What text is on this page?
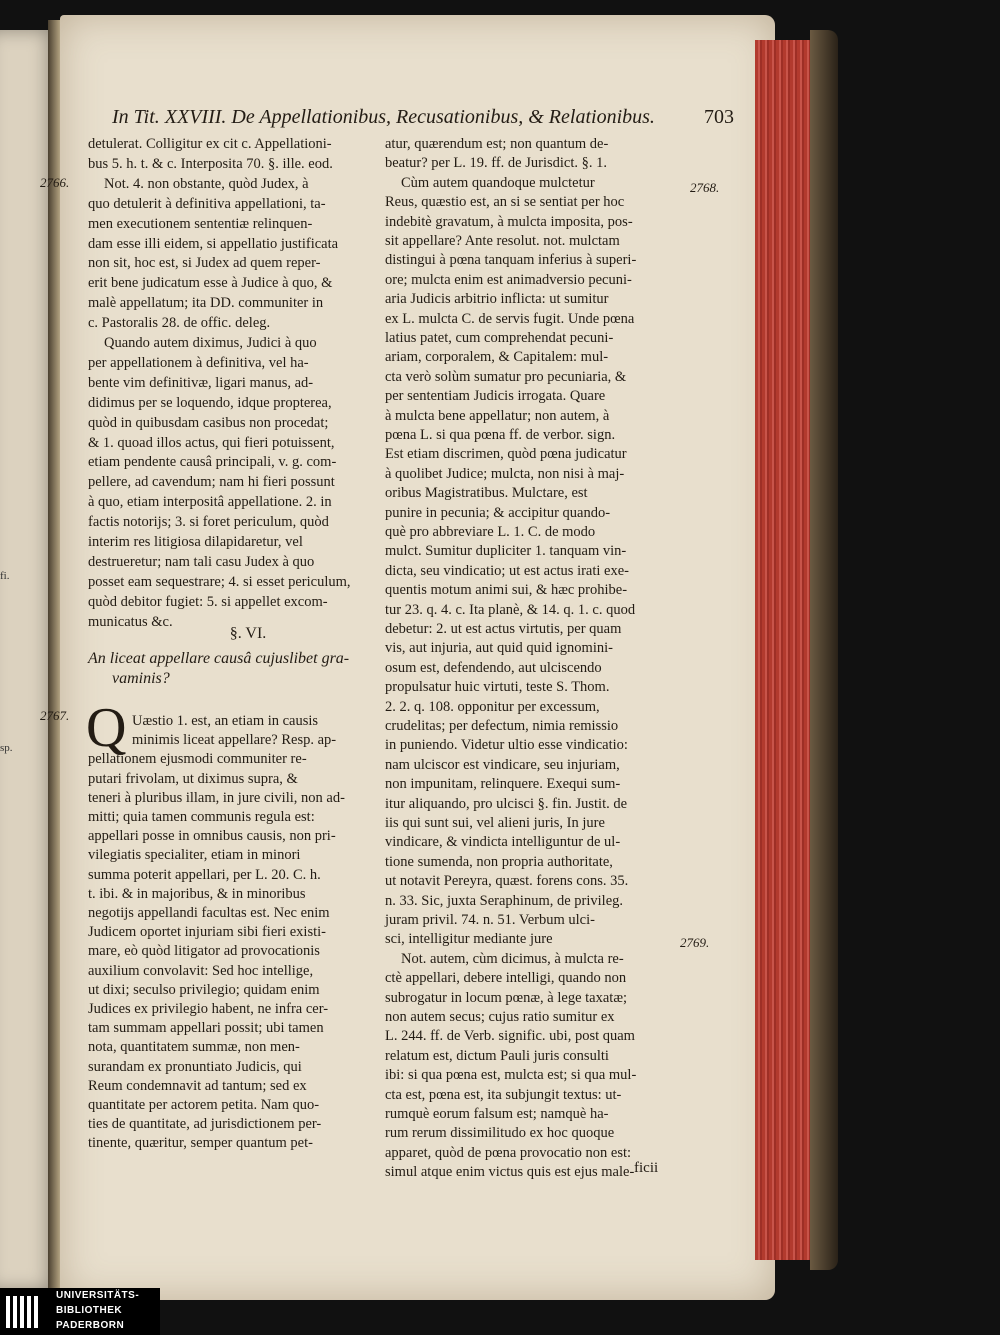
fi.
sp.
In Tit. XXVIII. De Appellationibus, Recusationibus, & Relationibus. 703
2766.
2767.
2768.
2769.
detulerat. Colligitur ex cit c. Appellationi-
bus 5. h. t. & c. Interposita 70. §. ille. eod.
Not. 4. non obstante, quòd Judex, à
quo detulerit à definitiva appellationi, ta-
men executionem sententiæ relinquen-
dam esse illi eidem, si appellatio justificata
non sit, hoc est, si Judex ad quem reper-
erit bene judicatum esse à Judice à quo, &
malè appellatum; ita DD. communiter in
c. Pastoralis 28. de offic. deleg.
Quando autem diximus, Judici à quo
per appellationem à definitiva, vel ha-
bente vim definitivæ, ligari manus, ad-
didimus per se loquendo, idque propterea,
quòd in quibusdam casibus non procedat;
& 1. quoad illos actus, qui fieri potuissent,
etiam pendente causâ principali, v. g. com-
pellere, ad cavendum; nam hi fieri possunt
à quo, etiam interpositâ appellatione. 2. in
factis notorijs; 3. si foret periculum, quòd
interim res litigiosa dilapidaretur, vel
destrueretur; nam tali casu Judex à quo
posset eam sequestrare; 4. si esset periculum,
quòd debitor fugiet: 5. si appellet excom-
municatus &c.
Uæstio 1. est, an etiam in causis
minimis liceat appellare? Resp. ap-
pellationem ejusmodi communiter re-
putari frivolam, ut diximus supra, &
teneri à pluribus illam, in jure civili, non ad-
mitti; quia tamen communis regula est:
appellari posse in omnibus causis, non pri-
vilegiatis specialiter, etiam in minori
summa poterit appellari, per L. 20. C. h.
t. ibi. & in majoribus, & in minoribus
negotijs appellandi facultas est. Nec enim
Judicem oportet injuriam sibi fieri existi-
mare, eò quòd litigator ad provocationis
auxilium convolavit: Sed hoc intellige,
ut dixi; seculso privilegio; quidam enim
Judices ex privilegio habent, ne infra cer-
tam summam appellari possit; ubi tamen
nota, quantitatem summæ, non men-
surandam ex pronuntiato Judicis, qui
Reum condemnavit ad tantum; sed ex
quantitate per actorem petita. Nam quo-
ties de quantitate, ad jurisdictionem per-
tinente, quæritur, semper quantum pet-
atur, quærendum est; non quantum de-
beatur? per L. 19. ff. de Jurisdict. §. 1.
Cùm autem quandoque mulctetur
Reus, quæstio est, an si se sentiat per hoc
indebitè gravatum, à mulcta imposita, pos-
sit appellare? Ante resolut. not. mulctam
distingui à pœna tanquam inferius à superi-
ore; mulcta enim est animadversio pecuni-
aria Judicis arbitrio inflicta: ut sumitur
ex L. mulcta C. de servis fugit. Unde pœna
latius patet, cum comprehendat pecuni-
ariam, corporalem, & Capitalem: mul-
cta verò solùm sumatur pro pecuniaria, &
per sententiam Judicis irrogata. Quare
à mulcta bene appellatur; non autem, à
pœna L. si qua pœna ff. de verbor. sign.
Est etiam discrimen, quòd pœna judicatur
à quolibet Judice; mulcta, non nisi à maj-
oribus Magistratibus. Mulctare, est
punire in pecunia; & accipitur quando-
què pro abbreviare L. 1. C. de modo
mulct. Sumitur dupliciter 1. tanquam vin-
dicta, seu vindicatio; ut est actus irati exe-
quentis motum animi sui, & hæc prohibe-
tur 23. q. 4. c. Ita planè, & 14. q. 1. c. quod
debetur: 2. ut est actus virtutis, per quam
vis, aut injuria, aut quid quid ignomini-
osum est, defendendo, aut ulciscendo
propulsatur huic virtuti, teste S. Thom.
2. 2. q. 108. opponitur per excessum,
crudelitas; per defectum, nimia remissio
in puniendo. Videtur ultio esse vindicatio:
nam ulciscor est vindicare, seu injuriam,
non impunitam, relinquere. Exequi sum-
itur aliquando, pro ulcisci §. fin. Justit. de
iis qui sunt sui, vel alieni juris, In jure
vindicare, & vindicta intelliguntur de ul-
tione sumenda, non propria authoritate,
ut notavit Pereyra, quæst. forens cons. 35.
n. 33. Sic, juxta Seraphinum, de privileg.
juram privil. 74. n. 51. Verbum ulci-
sci, intelligitur mediante jure
Not. autem, cùm dicimus, à mulcta re-
ctè appellari, debere intelligi, quando non
subrogatur in locum pœnæ, à lege taxatæ;
non autem secus; cujus ratio sumitur ex
L. 244. ff. de Verb. signific. ubi, post quam
relatum est, dictum Pauli juris consulti
ibi: si qua pœna est, mulcta est; si qua mul-
cta est, pœna est, ita subjungit textus: ut-
rumquè eorum falsum est; namquè ha-
rum rerum dissimilitudo ex hoc quoque
apparet, quòd de pœna provocatio non est:
simul atque enim victus quis est ejus male-
§. VI.
An liceat appellare causâ cujuslibet gra-
vaminis?
Q
ficii
UNIVERSITÄTS-
BIBLIOTHEK
PADERBORN
